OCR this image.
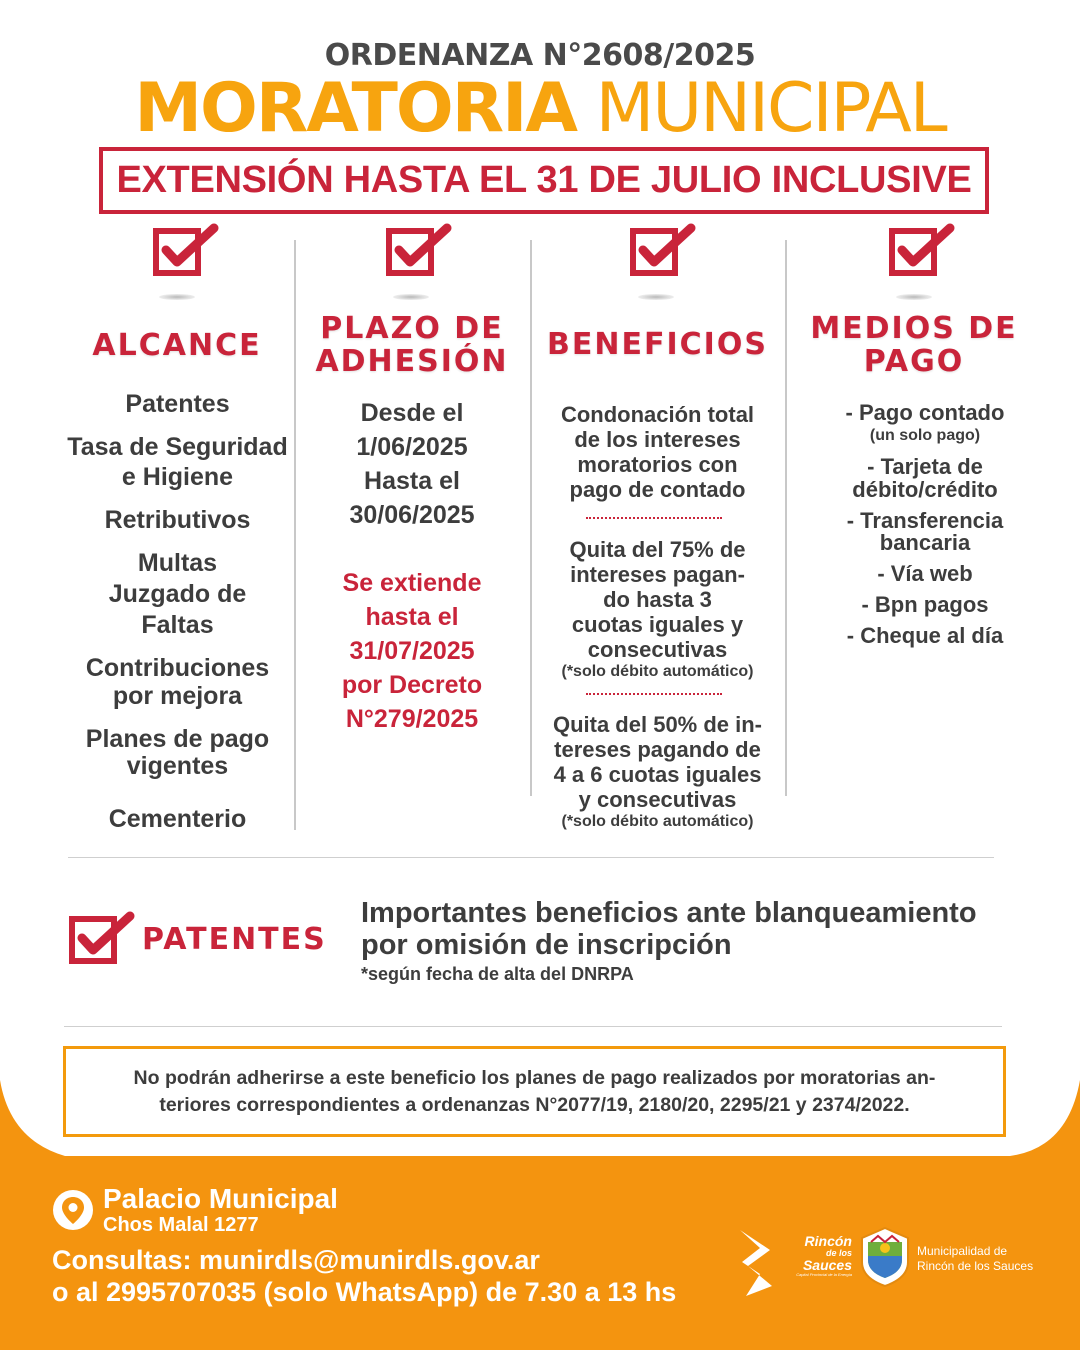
ORDENANZA N°2608/2025
MORATORIA MUNICIPAL
EXTENSIÓN HASTA EL 31 DE JULIO INCLUSIVE
ALCANCE
Patentes
Tasa de Seguridad
e Higiene
Retributivos
Multas
Juzgado de
Faltas
Contribuciones
por mejora
Planes de pago
vigentes
Cementerio
PLAZO DE
ADHESIÓN
Desde el
1/06/2025
Hasta el
30/06/2025
Se extiende
hasta el
31/07/2025
por Decreto
N°279/2025
BENEFICIOS
Condonación total
de los intereses
moratorios con
pago de contado
Quita del 75% de
intereses pagan-
do hasta 3
cuotas iguales y
consecutivas
(*solo débito automático)
Quita del 50% de in-
tereses pagando de
4 a 6 cuotas iguales
y consecutivas
(*solo débito automático)
MEDIOS DE
PAGO
- Pago contado
(un solo pago)
- Tarjeta de
débito/crédito
- Transferencia
bancaria
- Vía web
- Bpn pagos
- Cheque al día
PATENTES
Importantes beneficios ante blanqueamiento
por omisión de inscripción
*según fecha de alta del DNRPA
No podrán adherirse a este beneficio los planes de pago realizados por moratorias an-
teriores correspondientes a ordenanzas N°2077/19, 2180/20, 2295/21 y 2374/2022.
Palacio Municipal
Chos Malal 1277
Consultas: munirdls@munirdls.gov.ar
o al 2995707035 (solo WhatsApp) de 7.30 a 13 hs
Rincón
de los
Sauces
Capital Provincial de la Energía
Municipalidad de
Rincón de los Sauces
